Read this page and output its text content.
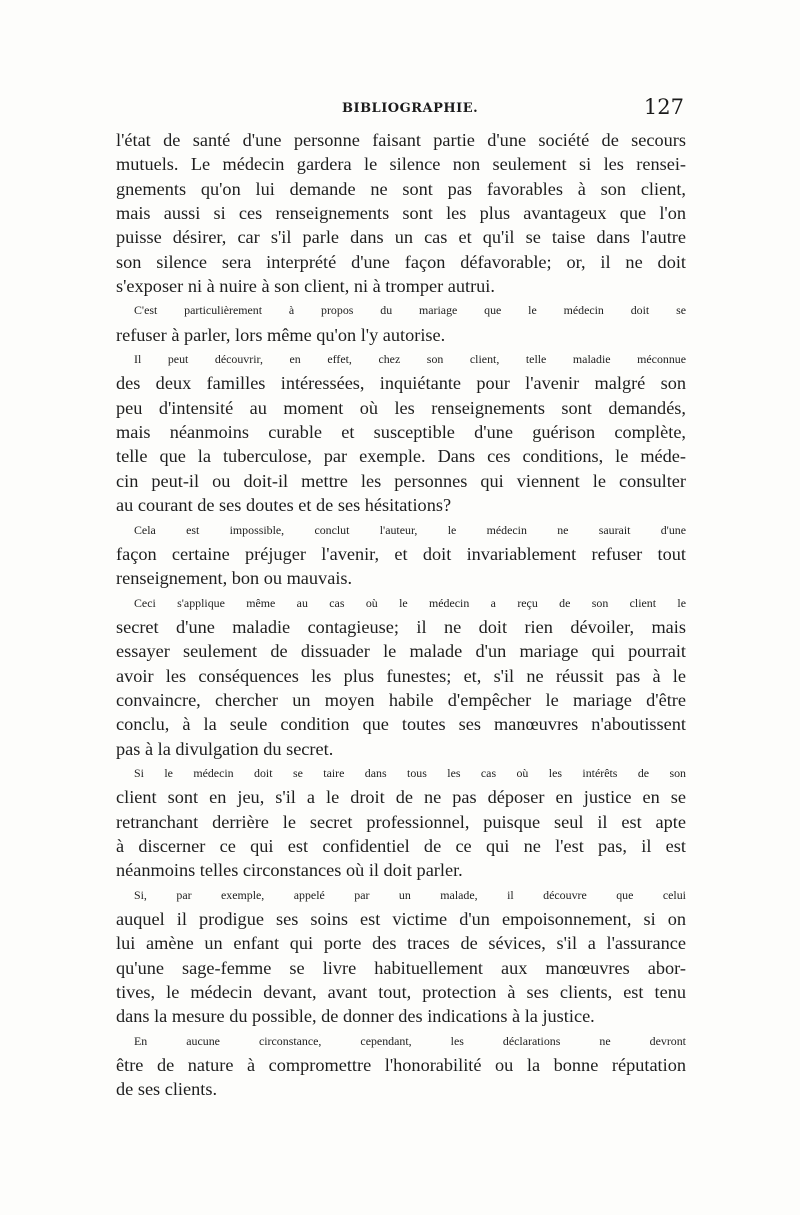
BIBLIOGRAPHIE.	127
l'état de santé d'une personne faisant partie d'une société de secours
mutuels. Le médecin gardera le silence non seulement si les rensei-
gnements qu'on lui demande ne sont pas favorables à son client,
mais aussi si ces renseignements sont les plus avantageux que l'on
puisse désirer, car s'il parle dans un cas et qu'il se taise dans l'autre
son silence sera interprété d'une façon défavorable; or, il ne doit
s'exposer ni à nuire à son client, ni à tromper autrui.
C'est particulièrement à propos du mariage que le médecin doit se
refuser à parler, lors même qu'on l'y autorise.
Il peut découvrir, en effet, chez son client, telle maladie méconnue
des deux familles intéressées, inquiétante pour l'avenir malgré son
peu d'intensité au moment où les renseignements sont demandés,
mais néanmoins curable et susceptible d'une guérison complète,
telle que la tuberculose, par exemple. Dans ces conditions, le méde-
cin peut-il ou doit-il mettre les personnes qui viennent le consulter
au courant de ses doutes et de ses hésitations?
Cela est impossible, conclut l'auteur, le médecin ne saurait d'une
façon certaine préjuger l'avenir, et doit invariablement refuser tout
renseignement, bon ou mauvais.
Ceci s'applique même au cas où le médecin a reçu de son client le
secret d'une maladie contagieuse; il ne doit rien dévoiler, mais
essayer seulement de dissuader le malade d'un mariage qui pourrait
avoir les conséquences les plus funestes; et, s'il ne réussit pas à le
convaincre, chercher un moyen habile d'empêcher le mariage d'être
conclu, à la seule condition que toutes ses manœuvres n'aboutissent
pas à la divulgation du secret.
Si le médecin doit se taire dans tous les cas où les intérêts de son
client sont en jeu, s'il a le droit de ne pas déposer en justice en se
retranchant derrière le secret professionnel, puisque seul il est apte
à discerner ce qui est confidentiel de ce qui ne l'est pas, il est
néanmoins telles circonstances où il doit parler.
Si, par exemple, appelé par un malade, il découvre que celui
auquel il prodigue ses soins est victime d'un empoisonnement, si on
lui amène un enfant qui porte des traces de sévices, s'il a l'assurance
qu'une sage-femme se livre habituellement aux manœuvres abor-
tives, le médecin devant, avant tout, protection à ses clients, est tenu
dans la mesure du possible, de donner des indications à la justice.
En aucune circonstance, cependant, les déclarations ne devront
être de nature à compromettre l'honorabilité ou la bonne réputation
de ses clients.
